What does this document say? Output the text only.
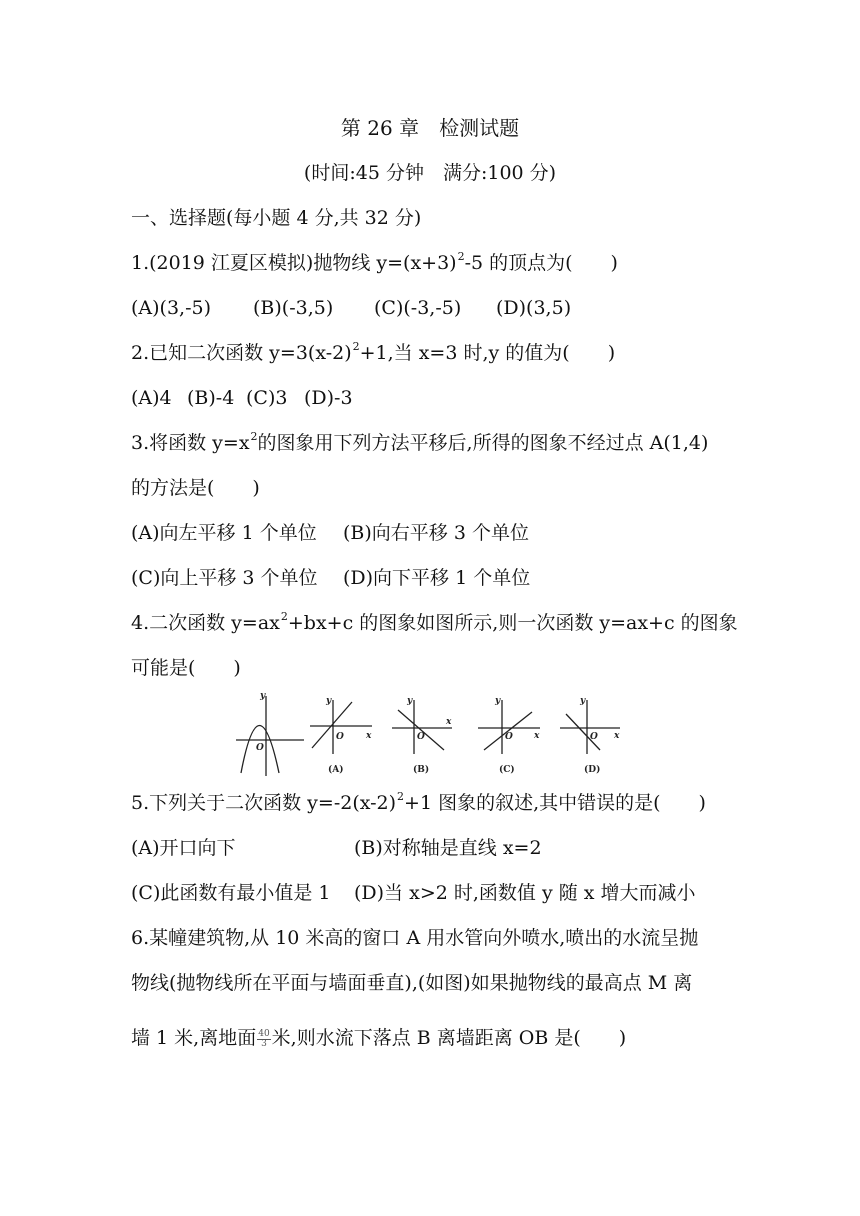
第 26 章　检测试题
(时间:45 分钟　满分:100 分)
一、选择题(每小题 4 分,共 32 分)
1.(2019 江夏区模拟)抛物线 $y=(x+3)^2-5$ 的顶点为(　　)
(A)(3,-5) (B)(-3,5) (C)(-3,-5) (D)(3,5)
2.已知二次函数 $y=3(x-2)^2+1$,当 x=3 时,y 的值为(　　)
(A)4 (B)-4 (C)3 (D)-3
3.将函数 $y=x^2$的图象用下列方法平移后,所得的图象不经过点 A(1,4)
的方法是(　　)
(A)向左平移 1 个单位 (B)向右平移 3 个单位
(C)向上平移 3 个单位 (D)向下平移 1 个单位
4.二次函数 $y=ax^2+bx+c$ 的图象如图所示,则一次函数 y=ax+c 的图象
可能是(　　)
y
O
y
x
O
y
x
O
y
x
O
y
x
O
(A)	(B)	(C)	(D)
5.下列关于二次函数 $y=-2(x-2)^2+1$ 图象的叙述,其中错误的是(　　)
(A)开口向下	(B)对称轴是直线 x=2
(C)此函数有最小值是 1 (D)当 x>2 时,函数值 y 随 x 增大而减小
6.某幢建筑物,从 10 米高的窗口 A 用水管向外喷水,喷出的水流呈抛
物线(抛物线所在平面与墙面垂直),(如图)如果抛物线的最高点 M 离
墙 1 米,离地面 $\frac{40}{3}$ 米,则水流下落点 B 离墙距离 OB 是(　　)
